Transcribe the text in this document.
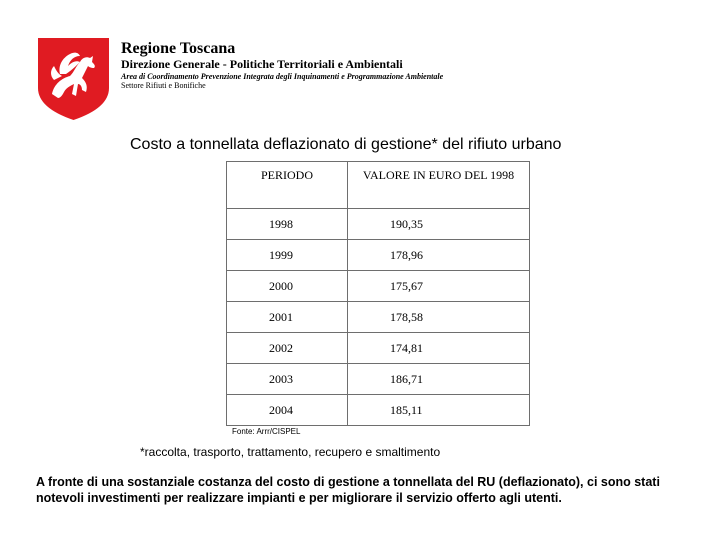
Regione Toscana
Direzione Generale - Politiche Territoriali e Ambientali
Area di Coordinamento Prevenzione Integrata degli Inquinamenti e Programmazione Ambientale
Settore Rifiuti e Bonifiche
Costo a tonnellata deflazionato di gestione* del rifiuto urbano
PERIODO	VALORE IN EURO DEL 1998
1998	190,35
1999	178,96
2000	175,67
2001	178,58
2002	174,81
2003	186,71
2004	185,11
Fonte: Arrr/CISPEL
*raccolta, trasporto, trattamento, recupero e smaltimento
A fronte di una sostanziale costanza del costo di gestione a tonnellata del RU (deflazionato), ci sono stati notevoli investimenti per realizzare impianti e per migliorare il servizio offerto agli utenti.
